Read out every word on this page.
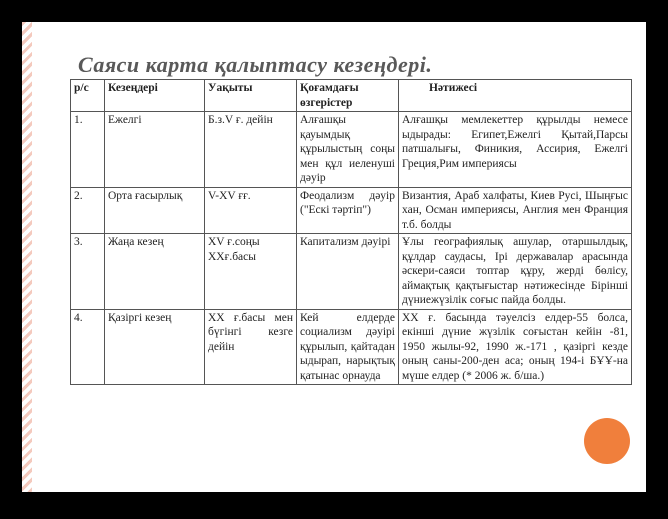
Саяси карта қалыптасу кезеңдері.
р/с	Кезеңдері	Уақыты	Қоғамдағы өзгерістер	Нәтижесі
1.	Ежелгі	Б.з.V ғ. дейін	Алғашқы қауымдық құрылыстың соңы мен құл иеленуші дәуір	Алғашқы мемлекеттер құрылды немесе ыдырады: Египет,Ежелгі Қытай,Парсы патшалығы, Финикия, Ассирия, Ежелгі Греция,Рим империясы
2.	Орта ғасырлық	V-XV ғғ.	Феодализм дәуір ("Ескі тәртіп")	Византия, Араб халфаты, Киев Русі, Шыңғыс хан, Осман империясы, Англия мен Франция т.б. болды
3.	Жаңа кезең	XV ғ.соңы XXғ.басы	Капитализм дәуірі	Ұлы географиялық ашулар, отаршылдық, құлдар саудасы, Ірі державалар арасында әскери-саяси топтар құру, жерді бөлісу, аймақтық қақтығыстар нәтижесінде Бірінші дүниежүзілік соғыс пайда болды.
4.	Қазіргі кезең	XX ғ.басы мен бүгінгі кезге дейін	Кей елдерде социализм дәуірі құрылып, қайтадан ыдырап, нарықтық қатынас орнауда	XX ғ. басында тәуелсіз елдер-55 болса, екінші дүние жүзілік соғыстан кейін -81, 1950 жылы-92, 1990 ж.-171 , қазіргі кезде оның саны-200-ден аса; оның 194-і БҰҰ-на мүше елдер (* 2006 ж. б/ша.)
